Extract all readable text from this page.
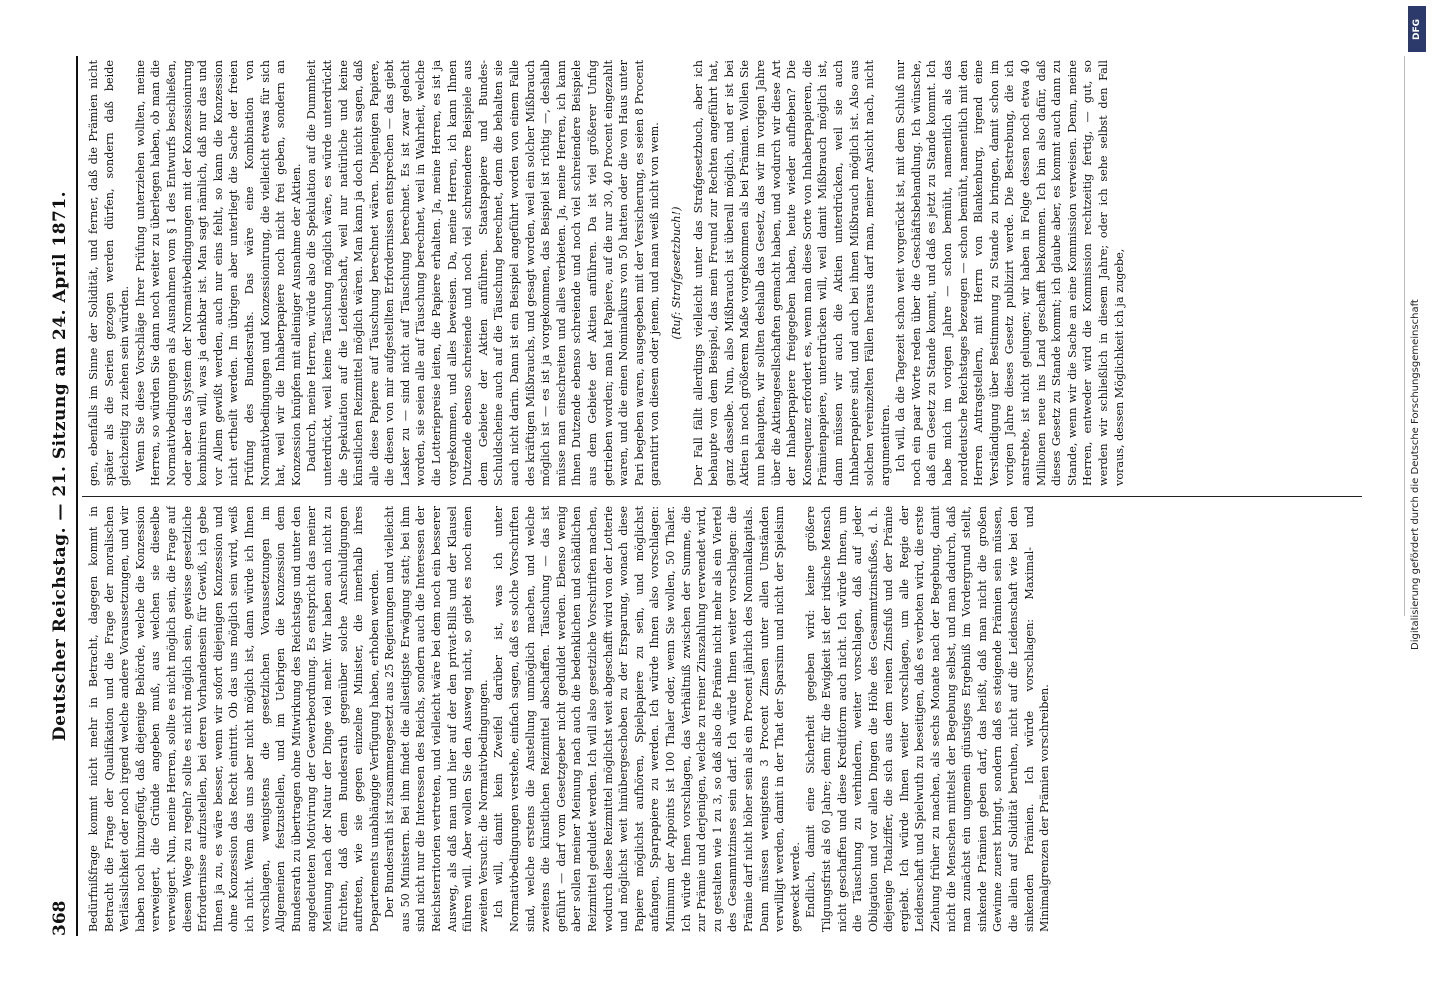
368
Deutscher Reichstag. — 21. Sitzung am 24. April 1871. Bedürfnißfrage kommt nicht mehr in Betracht, dagegen kommt in Betracht die Frage der Qualifikation und die Frage der moralischen Verlässlichkeit oder noch irgend welche andere Voraussetzungen, und wir haben noch hinzugefügt, daß diejenige Behörde, welche die Konzession verweigert, die Gründe angeben muß, aus welchen sie dieselbe verweigert. Nun, meine Herren, sollte es nicht möglich sein, die Frage auf diesem Wege zu regeln? sollte es nicht möglich sein, gewisse gesetzliche Erfordernisse aufzustellen, bei deren Vorhandensein für Gewiß, ich gebe Ihnen ja zu, es wäre besser, wenn wir sofort diejenigen Konzession und ohne Konzession das Recht eintritt. Ob das uns möglich sein wird, weiß ich nicht. Wenn das uns aber nicht möglich ist, dann würde ich Ihnen vorschlagen, wenigstens die gesetzlichen Voraussetzungen im Allgemeinen festzustellen, und im Uebrigen die Konzession dem Bundesrath zu übertragen ohne Mitwirkung des Reichstags und unter den angedeuteten Motivirung der Gewerbeordnung. Es entspricht das meiner Meinung nach der Natur der Dinge viel mehr. Wir haben auch nicht zu fürchten, daß dem Bundesrath gegenüber solche Anschuldigungen auftreten, wie sie gegen einzelne Minister, die innerhalb ihres Departements unabhängige Verfügung haben, erhoben werden. Der Bundesrath ist zusammengesetzt aus 25 Regierungen und vielleicht aus 50 Ministern. Bei ihm findet die allseitigste Erwägung statt; bei ihm sind nicht nur die Interessen des Reichs, sondern auch die Interessen der Reichsterritorien vertreten, und vielleicht wäre bei dem noch ein besserer Ausweg, als daß man und hier auf der den privat-Bills und der Klausel führen will. Aber wollen Sie den Ausweg nicht, so giebt es noch einen zweiten Versuch: die Normativbedingungen. Ich will, damit kein Zweifel darüber ist, was ich unter Normativbedingungen verstehe, einfach sagen, daß es solche Vorschriften sind, welche erstens die Anstellung unmöglich machen, und welche zweitens die künstlichen Reizmittel abschaffen. Täuschung — das ist geführt — darf vom Gesetzgeber nicht geduldet werden. Ebenso wenig aber sollen meiner Meinung nach auch die bedenklichen und schädlichen Reizmittel geduldet werden. Ich will also gesetzliche Vorschriften machen, wodurch diese Reizmittel möglichst weit abgeschafft wird von der Lotterie und möglichst weit hinübergeschoben zu der Ersparung, wonach diese Papiere möglichst aufhören, Spielpapiere zu sein, und möglichst anfangen, Sparpapiere zu werden. Ich würde Ihnen also vorschlagen: Minimum der Appoints ist 100 Thaler oder, wenn Sie wollen, 50 Thaler. Ich würde Ihnen vorschlagen, das Verhältniß zwischen der Summe, die zur Prämie und derjenigen, welche zu reiner Zinszahlung verwendet wird, zu gestalten wie 1 zu 3, so daß also die Prämie nicht mehr als ein Viertel des Gesammtzinses sein darf. Ich würde Ihnen weiter vorschlagen: die Prämie darf nicht höher sein als ein Procent jährlich des Nominalkapitals. Dann müssen wenigstens 3 Procent Zinsen unter allen Umständen verwilligt werden, damit in der That der Sparsinn und nicht der Spielsinn geweckt werde. Endlich, damit eine Sicherheit gegeben wird: keine größere Tilgungsfrist als 60 Jahre; denn für die Ewigkeit ist der irdische Mensch nicht geschaffen und diese Kreditform auch nicht. Ich würde Ihnen, um die Täuschung zu verhindern, weiter vorschlagen, daß auf jeder Obligation und vor allen Dingen die Höhe des Gesammtzinsfußes, d. h. diejenige Totalziffer, die sich aus dem reinen Zinsfuß und der Prämie ergiebt. Ich würde Ihnen weiter vorschlagen, um alle Regie der Leidenschaft und Spielwuth zu beseitigen, daß es verboten wird, die erste Ziehung früher zu machen, als sechs Monate nach der Begebung, damit nicht die Menschen mittelst der Begebung selbst, und man dadurch, daß man zunächst ein ungemein günstiges Ergebniß im Vordergrund stellt, sinkende Prämien geben darf, das heißt, daß man nicht die großen Gewinne zuerst bringt, sondern daß es steigende Prämien sein müssen, die allein auf Solidität beruhen, nicht auf die Leidenschaft wie bei den sinkenden Prämien. Ich würde vorschlagen: Maximal- und Minimalgrenzen der Prämien vorschreiben.

gen, ebenfalls im Sinne der Solidität, und ferner, daß die Prämien nicht später als die Serien gezogen werden dürfen, sondern daß beide gleichzeitig zu ziehen sein würden. Wenn Sie diese Vorschläge Ihrer Prüfung unterziehen wollten, meine Herren, so würden Sie dann noch weiter zu überlegen haben, ob man die Normativbedingungen als Ausnahmen vom § 1 des Entwurfs beschließen, oder aber das System der Normativbedingungen mit der Konzessionirung kombiniren will, was ja denkbar ist. Man sagt nämlich, daß nur das und vor Allem gewißt werden, auch nur eins fehlt, so kann die Konzession nicht ertheilt werden. Im übrigen aber unterliegt die Sache der freien Prüfung des Bundesraths. Das wäre eine Kombination von Normativbedingungen und Konzessionirung, die vielleicht etwas für sich hat, weil wir die Inhaberpapiere noch nicht frei geben, sondern an Konzession knüpfen mit alleiniger Ausnahme der Aktien. Dadurch, meine Herren, würde also die Spekulation auf die Dummheit unterdrückt, weil keine Täuschung möglich wäre, es würde unterdrückt die Spekulation auf die Leidenschaft, weil nur natürliche und keine künstlichen Reizmittel möglich wären. Man kann ja doch nicht sagen, daß alle diese Papiere auf Täuschung berechnet wären. Diejenigen Papiere, die diesen von mir aufgestellten Erfordernissen entsprechen — das giebt Lasker zu — sind nicht auf Täuschung berechnet. Es ist zwar gelacht worden, sie seien alle auf Täuschung berechnet, weil in Wahrheit, welche die Lotteriepreise leiten, die Papiere erhalten. Ja, meine Herren, es ist ja vorgekommen, und alles beweisen. Da, meine Herren, ich kann Ihnen Dutzende ebenso schreiende und noch viel schreiendere Beispiele aus dem Gebiete der Aktien anführen. Staatspapiere und Bundes-Schuldscheine auch auf die Täuschung berechnet, denn die behalten sie auch nicht darin. Dann ist ein Beispiel angeführt worden von einem Falle des kräftigen Mißbrauchs, und gesagt worden, weil ein solcher Mißbrauch möglich ist — es ist ja vorgekommen, das Beispiel ist richtig —, deshalb müsse man einschreiten und alles verbieten. Ja, meine Herren, ich kann Ihnen Dutzende ebenso schreiende und noch viel schreiendere Beispiele aus dem Gebiete der Aktien anführen. Da ist viel größerer Unfug getrieben worden; man hat Papiere, auf die nur 30, 40 Procent eingezahlt waren, und die einen Nominalkurs von 50 hatten oder die von Haus unter Pari begeben waren, ausgegeben mit der Versicherung, es seien 8 Procent garantirt von diesem oder jenem, und man weiß nicht von wem. (Ruf: Strafgesetzbuch!) Der Fall fällt allerdings vielleicht unter das Strafgesetzbuch, aber ich behaupte von dem Beispiel, das mein Freund zur Rechten angeführt hat, ganz dasselbe. Nun, also Mißbrauch ist überall möglich, und er ist bei Aktien in noch größerem Maße vorgekommen als bei Prämien. Wollen Sie nun behaupten, wir sollten deshalb das Gesetz, das wir im vorigen Jahre über die Aktiengesellschaften gemacht haben, und wodurch wir diese Art der Inhaberpapiere freigegeben haben, heute wieder aufheben? Die Konsequenz erfordert es, wenn man diese Sorte von Inhaberpapieren, die Prämienpapiere, unterdrücken will, weil damit Mißbrauch möglich ist, dann müssen wir auch die Aktien unterdrücken, weil sie auch Inhaberpapiere sind, und auch bei ihnen Mißbrauch möglich ist. Also aus solchen vereinzelten Fällen heraus darf man, meiner Ansicht nach, nicht argumentiren. Ich will, da die Tagezeit schon weit vorgerückt ist, mit dem Schluß nur noch ein paar Worte reden über die Geschäftsbehandlung. Ich wünsche, daß ein Gesetz zu Stande kommt, und daß es jetzt zu Stande kommt. Ich habe mich im vorigen Jahre — schon bemüht, namentlich als das norddeutsche Reichstages bezeugen — schon bemüht, namentlich mit den Herren Antragstellern, mit Herrn von Blankenburg, irgend eine Verständigung über Bestimmung zu Stande zu bringen, damit schon im vorigen Jahre dieses Gesetz publizirt werde. Die Bestrebung, die ich anstrebte, ist nicht gelungen; wir haben in Folge dessen noch etwa 40 Millionen neue ins Land geschafft bekommen. Ich bin also dafür, daß dieses Gesetz zu Stande kommt; ich glaube aber, es kommt auch dann zu Stande, wenn wir die Sache an eine Kommission verweisen. Denn, meine Herren, entweder wird die Kommission rechtzeitig fertig, — gut, so werden wir schließlich in diesem Jahre; oder ich sehe selbst den Fall voraus, dessen Möglichkeit ich ja zugebe,

DFG
Digitalisierung gefördert durch die Deutsche Forschungsgemeinschaft
